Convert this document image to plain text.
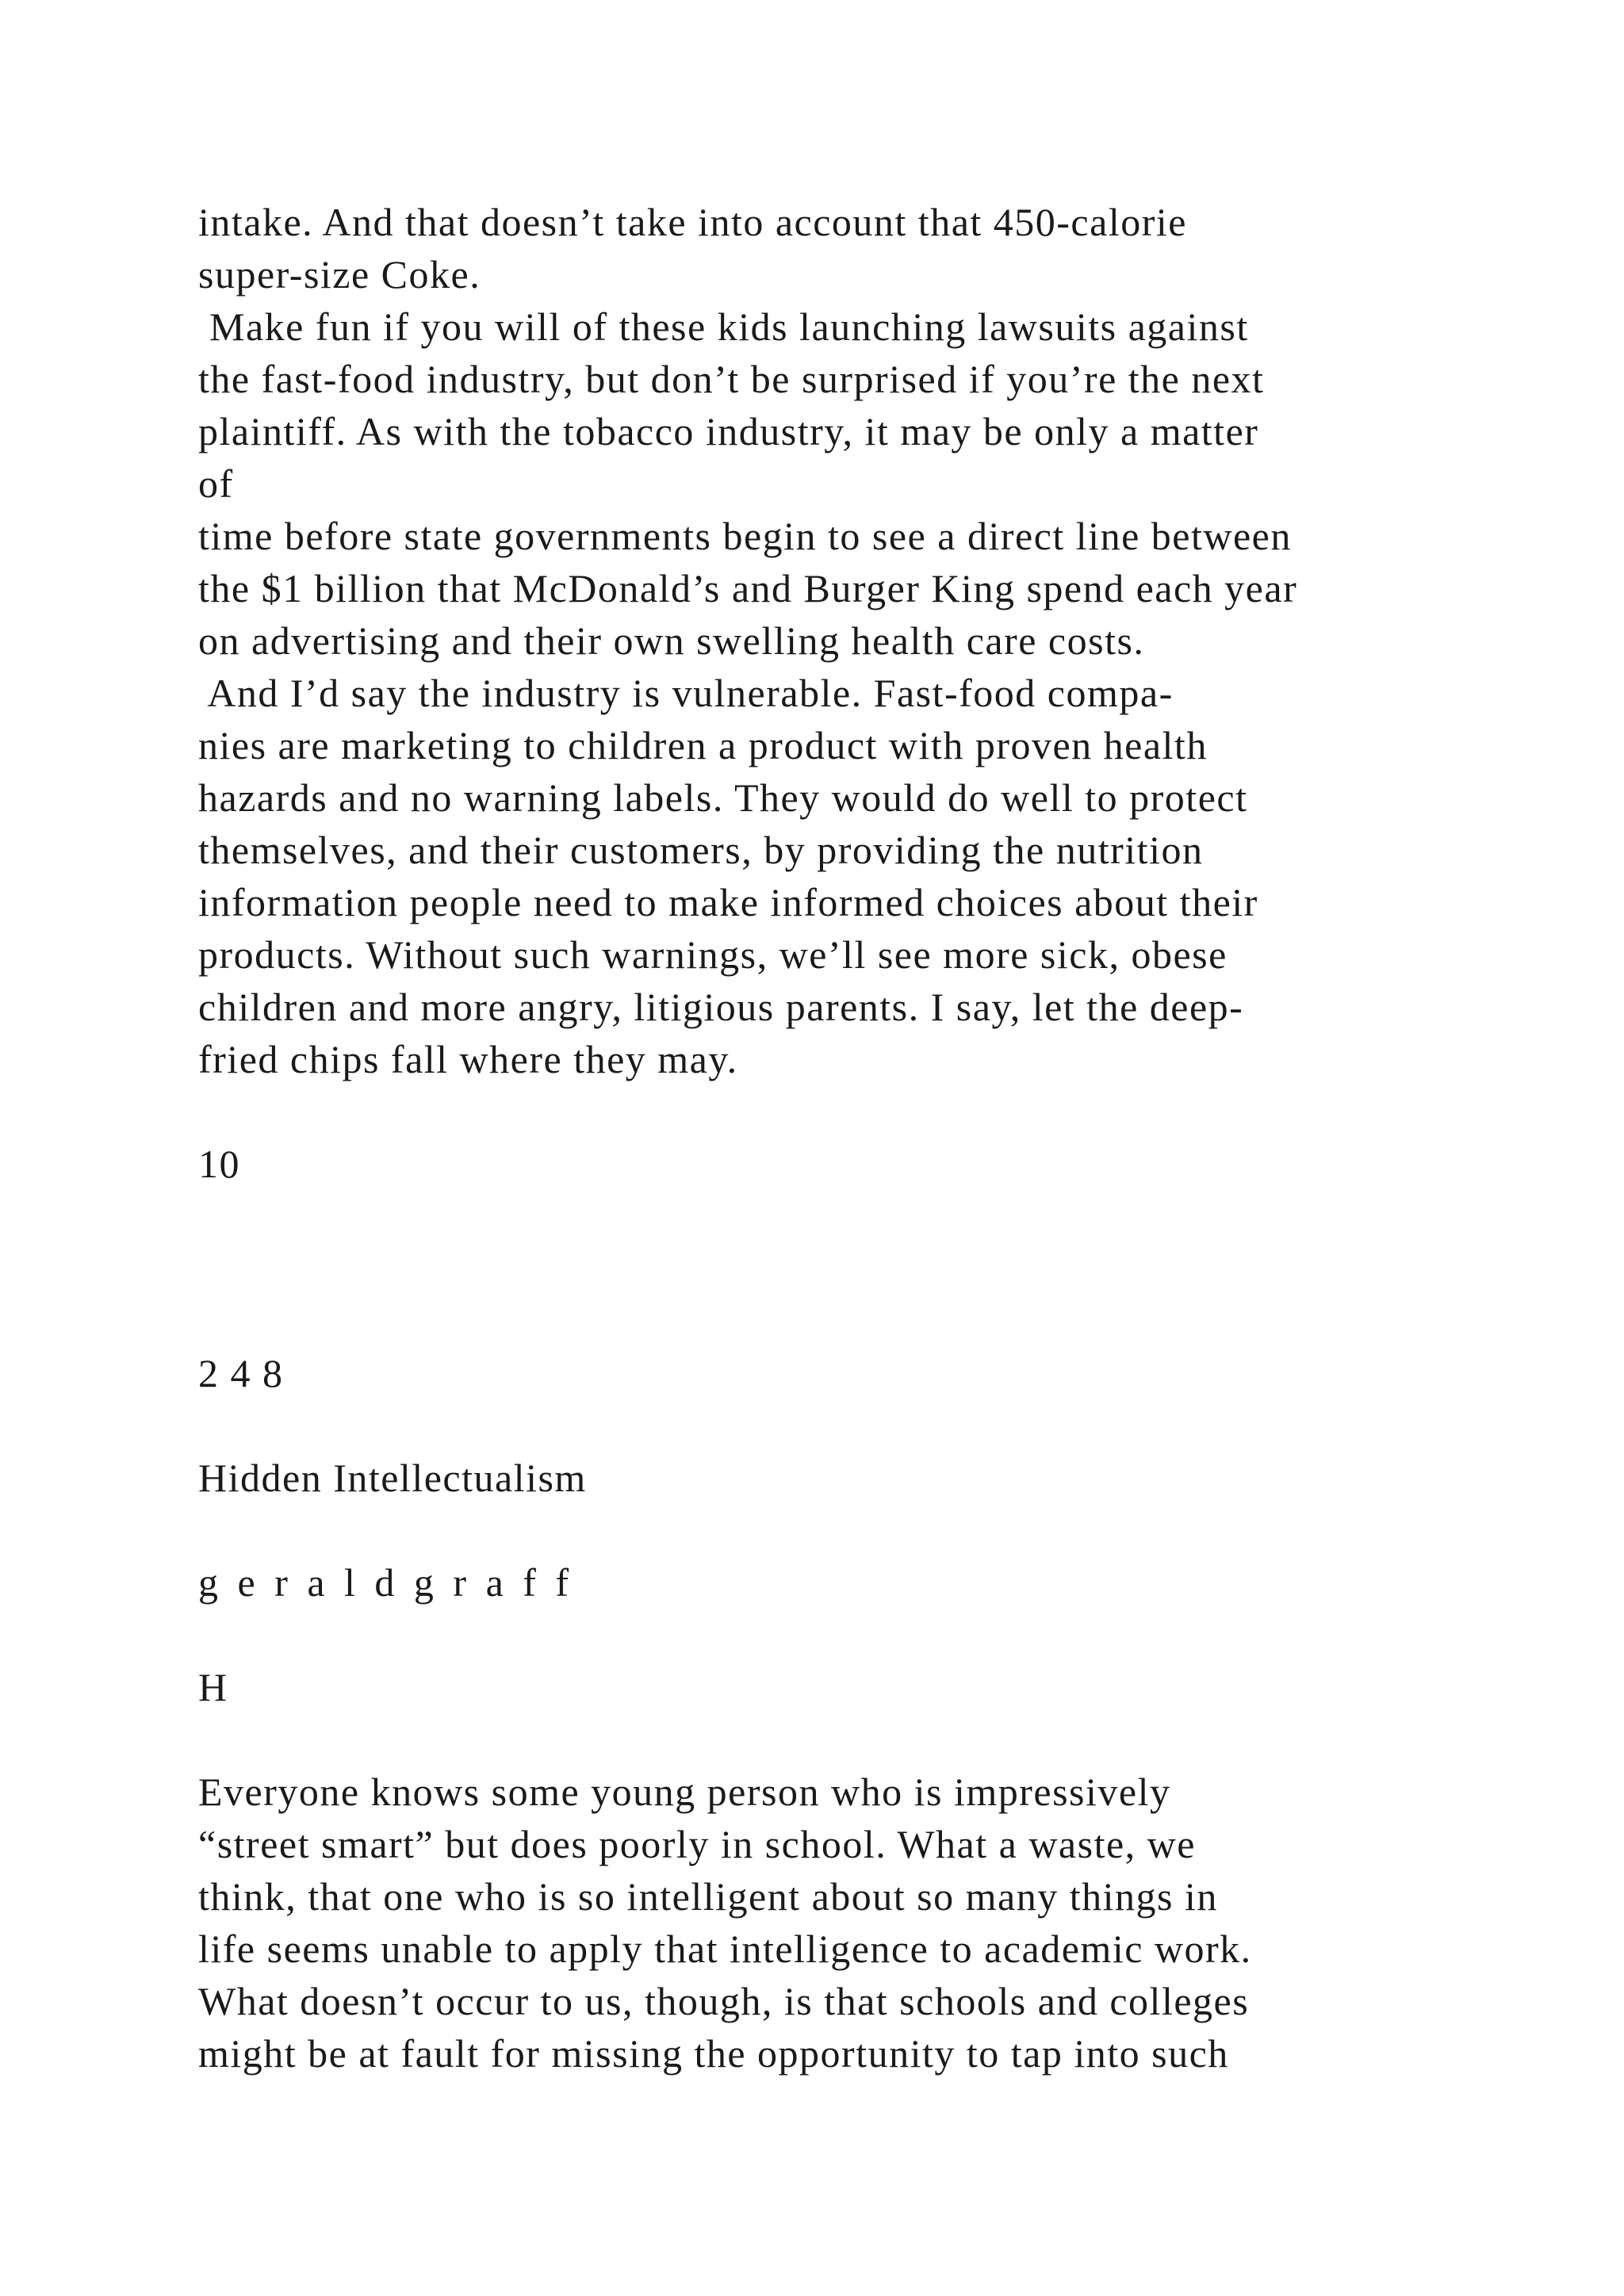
intake. And that doesn’t take into account that 450-calorie
super-size Coke.
Make fun if you will of these kids launching lawsuits against
the fast-food industry, but don’t be surprised if you’re the next
plaintiff. As with the tobacco industry, it may be only a matter
of
time before state governments begin to see a direct line between
the $1 billion that McDonald’s and Burger King spend each year
on advertising and their own swelling health care costs.
And I’d say the industry is vulnerable. Fast-food compa-
nies are marketing to children a product with proven health
hazards and no warning labels. They would do well to protect
themselves, and their customers, by providing the nutrition
information people need to make informed choices about their
products. Without such warnings, we’ll see more sick, obese
children and more angry, litigious parents. I say, let the deep-
fried chips fall where they may.
10
2 4 8
Hidden Intellectualism
g e r a l d g r a f f
H
Everyone knows some young person who is impressively
“street smart” but does poorly in school. What a waste, we
think, that one who is so intelligent about so many things in
life seems unable to apply that intelligence to academic work.
What doesn’t occur to us, though, is that schools and colleges
might be at fault for missing the opportunity to tap into such
